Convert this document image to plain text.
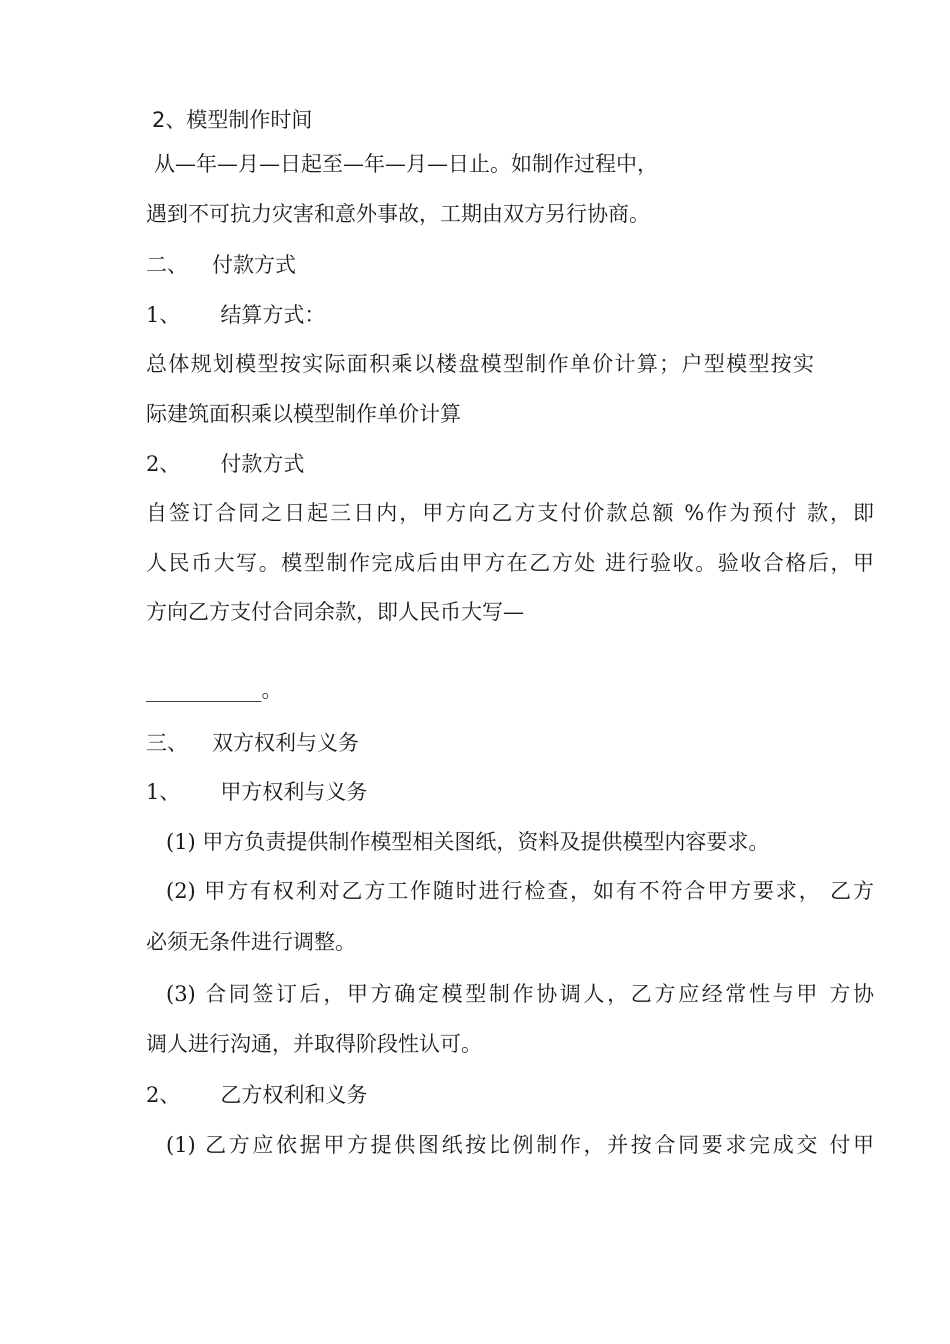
2、模型制作时间
从—年—月—日起至—年—月—日止。如制作过程中，
遇到不可抗力灾害和意外事故，工期由双方另行协商。
二、 付款方式
1、 结算方式：
总体规划模型按实际面积乘以楼盘模型制作单价计算；户型模型按实
际建筑面积乘以模型制作单价计算
2、 付款方式
自签订合同之日起三日内，甲方向乙方支付价款总额 %作为预付 款，即
人民币大写。模型制作完成后由甲方在乙方处 进行验收。验收合格后，甲
方向乙方支付合同余款，即人民币大写—
___________。
三、 双方权利与义务
1、 甲方权利与义务
(1) 甲方负责提供制作模型相关图纸，资料及提供模型内容要求。
(2) 甲方有权利对乙方工作随时进行检查，如有不符合甲方要求， 乙方
必须无条件进行调整。
(3) 合同签订后，甲方确定模型制作协调人，乙方应经常性与甲 方协
调人进行沟通，并取得阶段性认可。
2、 乙方权利和义务
(1) 乙方应依据甲方提供图纸按比例制作，并按合同要求完成交 付甲
